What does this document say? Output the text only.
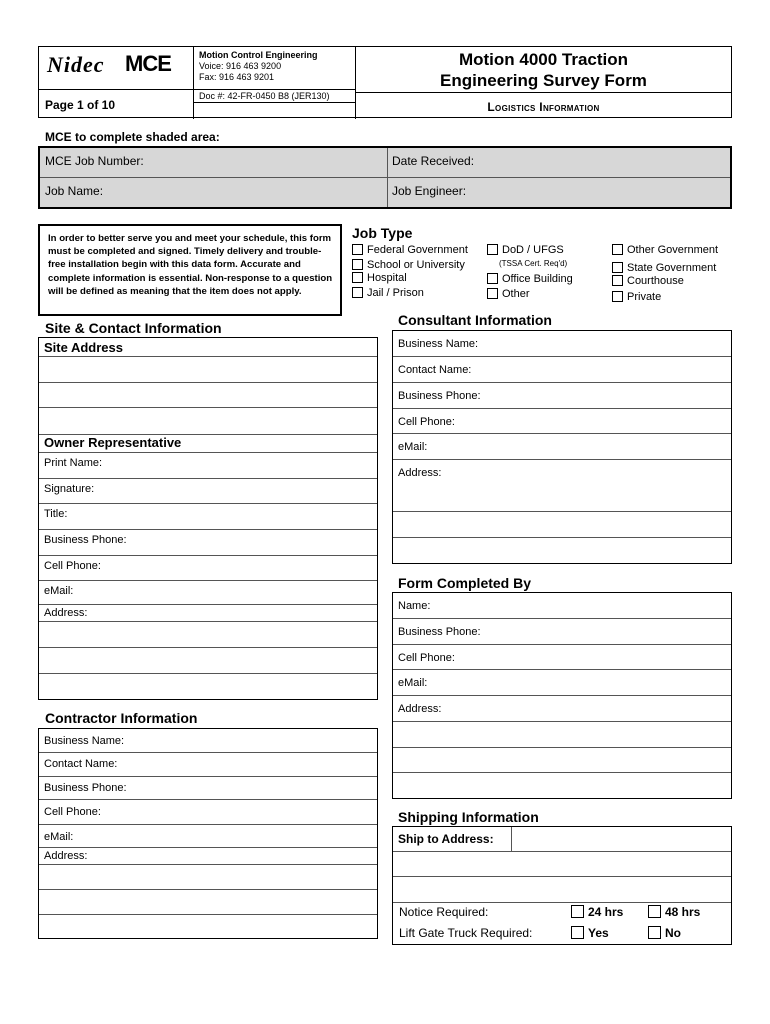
Nidec MCE
Page 1 of 10
Motion Control Engineering
Voice: 916 463 9200
Fax: 916 463 9201
Doc #: 42-FR-0450 B8 (JER130)
Motion 4000 Traction
Engineering Survey Form
Logistics Information
MCE to complete shaded area:
MCE Job Number:	Date Received:
Job Name:	Job Engineer:
In order to better serve you and meet your schedule, this form must be completed and signed. Timely delivery and trouble-free installation begin with this data form. Accurate and complete information is essential. Non-response to a question will be defined as meaning that the item does not apply.
Job Type
Federal Government
School or University
Hospital
Jail / Prison
DoD / UFGS
(TSSA Cert. Req'd)
Office Building
Other
Other Government
State Government
Courthouse
Private
Site & Contact Information
Site Address
Owner Representative
Print Name:
Signature:
Title:
Business Phone:
Cell Phone:
eMail:
Address:
Consultant Information
Business Name:
Contact Name:
Business Phone:
Cell Phone:
eMail:
Address:
Form Completed By
Name:
Business Phone:
Cell Phone:
eMail:
Address:
Contractor Information
Business Name:
Contact Name:
Business Phone:
Cell Phone:
eMail:
Address:
Shipping Information
Ship to Address:
Notice Required:	24 hrs	48 hrs
Lift Gate Truck Required:	Yes	No
